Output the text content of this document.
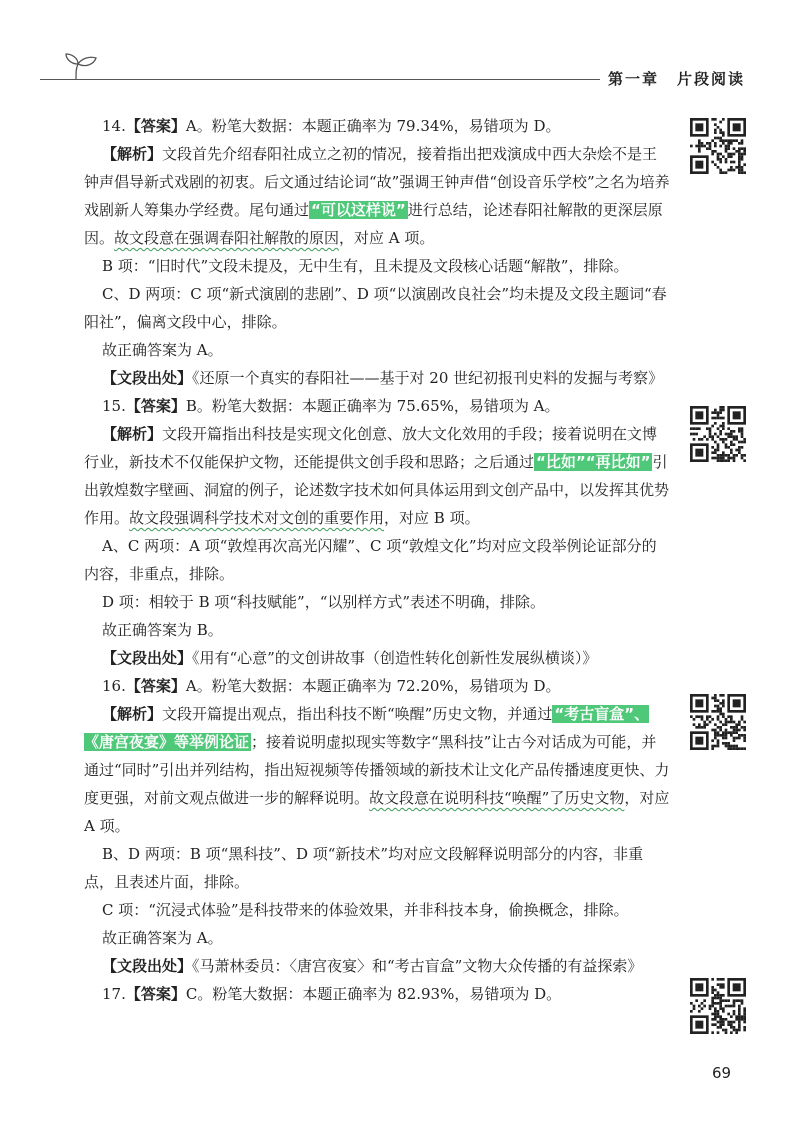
第一章 片段阅读

14.【答案】A。粉笔大数据：本题正确率为 79.34%，易错项为 D。

【解析】文段首先介绍春阳社成立之初的情况，接着指出把戏演成中西大杂烩不是王钟声倡导新式戏剧的初衷。后文通过结论词“故”强调王钟声借“创设音乐学校”之名为培养戏剧新人筹集办学经费。尾句通过 “可以这样说” 进行总结，论述春阳社解散的更深层原因。故文段意在强调春阳社解散的原因，对应 A 项。

B 项：“旧时代”文段未提及，无中生有，且未提及文段核心话题“解散”，排除。

C、D 两项：C 项“新式演剧的悲剧”、D 项“以演剧改良社会”均未提及文段主题词“春阳社”，偏离文段中心，排除。

故正确答案为 A。

【文段出处】《还原一个真实的春阳社——基于对 20 世纪初报刊史料的发掘与考察》

15.【答案】B。粉笔大数据：本题正确率为 75.65%，易错项为 A。

【解析】文段开篇指出科技是实现文化创意、放大文化效用的手段；接着说明在文博行业，新技术不仅能保护文物，还能提供文创手段和思路；之后通过 “比如”“再比如” 引出敦煌数字壁画、洞窟的例子，论述数字技术如何具体运用到文创产品中，以发挥其优势作用。故文段强调科学技术对文创的重要作用，对应 B 项。

A、C 两项：A 项“敦煌再次高光闪耀”、C 项“敦煌文化”均对应文段举例论证部分的内容，非重点，排除。

D 项：相较于 B 项“科技赋能”，“以别样方式”表述不明确，排除。

故正确答案为 B。

【文段出处】《用有“心意”的文创讲故事（创造性转化创新性发展纵横谈）》

16.【答案】A。粉笔大数据：本题正确率为 72.20%，易错项为 D。

【解析】文段开篇提出观点，指出科技不断“唤醒”历史文物，并通过 “考古盲盒”、《唐宫夜宴》等举例论证 ；接着说明虚拟现实等数字“黑科技”让古今对话成为可能，并通过“同时”引出并列结构，指出短视频等传播领域的新技术让文化产品传播速度更快、力度更强，对前文观点做进一步的解释说明。故文段意在说明科技“唤醒”了历史文物，对应 A 项。

B、D 两项：B 项“黑科技”、D 项“新技术”均对应文段解释说明部分的内容，非重点，且表述片面，排除。

C 项：“沉浸式体验”是科技带来的体验效果，并非科技本身，偷换概念，排除。

故正确答案为 A。

【文段出处】《马萧林委员：〈唐宫夜宴〉和“考古盲盒”文物大众传播的有益探索》

17.【答案】C。粉笔大数据：本题正确率为 82.93%，易错项为 D。

69
